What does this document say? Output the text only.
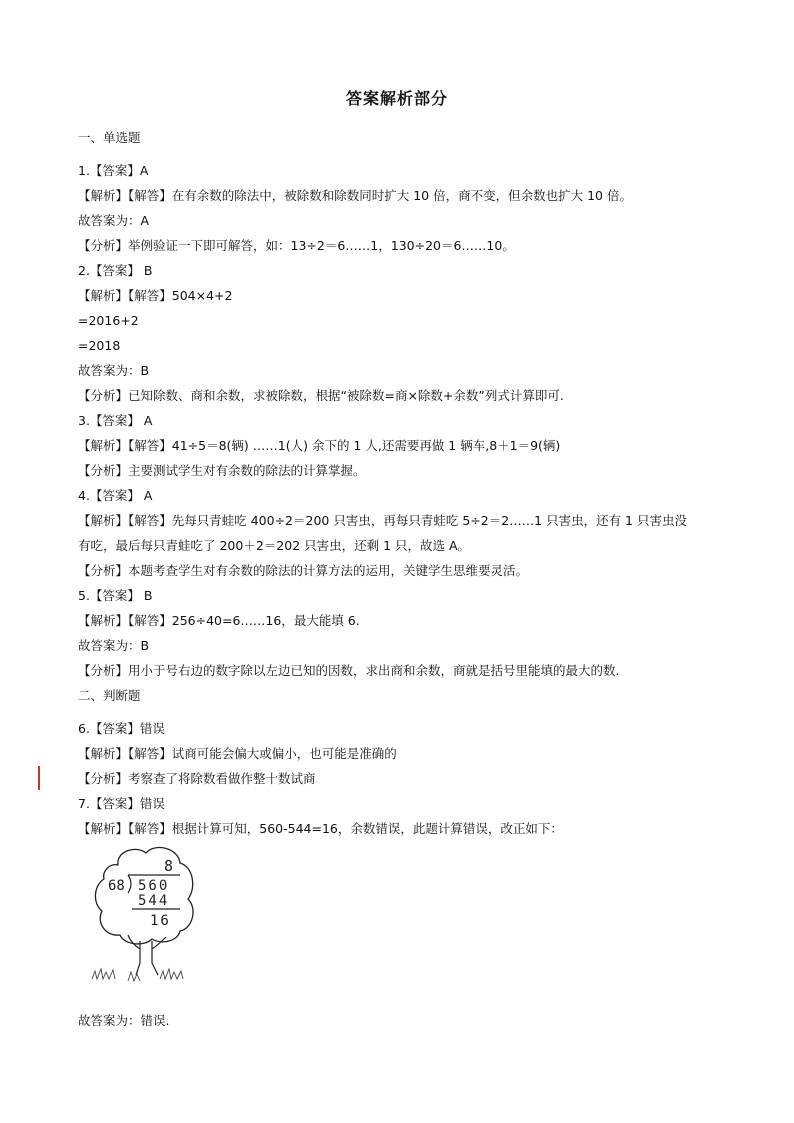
答案解析部分
一、单选题
1.【答案】A
【解析】【解答】在有余数的除法中，被除数和除数同时扩大 10 倍，商不变，但余数也扩大 10 倍。
故答案为：A
【分析】举例验证一下即可解答，如：13÷2＝6……1，130÷20＝6……10。
2.【答案】 B
【解析】【解答】504×4+2
=2016+2
=2018
故答案为：B
【分析】已知除数、商和余数，求被除数，根据“被除数=商×除数+余数”列式计算即可.
3.【答案】 A
【解析】【解答】41÷5＝8(辆) ……1(人) 余下的 1 人,还需要再做 1 辆车,8＋1＝9(辆)
【分析】主要测试学生对有余数的除法的计算掌握。
4.【答案】 A
【解析】【解答】先每只青蛙吃 400÷2＝200 只害虫，再每只青蛙吃 5÷2＝2……1 只害虫，还有 1 只害虫没
有吃，最后每只青蛙吃了 200＋2＝202 只害虫，还剩 1 只，故选 A。
【分析】本题考查学生对有余数的除法的计算方法的运用，关键学生思维要灵活。
5.【答案】 B
【解析】【解答】256÷40=6……16，最大能填 6.
故答案为：B
【分析】用小于号右边的数字除以左边已知的因数，求出商和余数，商就是括号里能填的最大的数.
二、判断题
6.【答案】错误
【解析】【解答】试商可能会偏大或偏小，也可能是准确的
【分析】考察查了将除数看做作整十数试商
7.【答案】错误
【解析】【解答】根据计算可知，560-544=16，余数错误，此题计算错误，改正如下：
故答案为：错误.
8
68 560
544
16
